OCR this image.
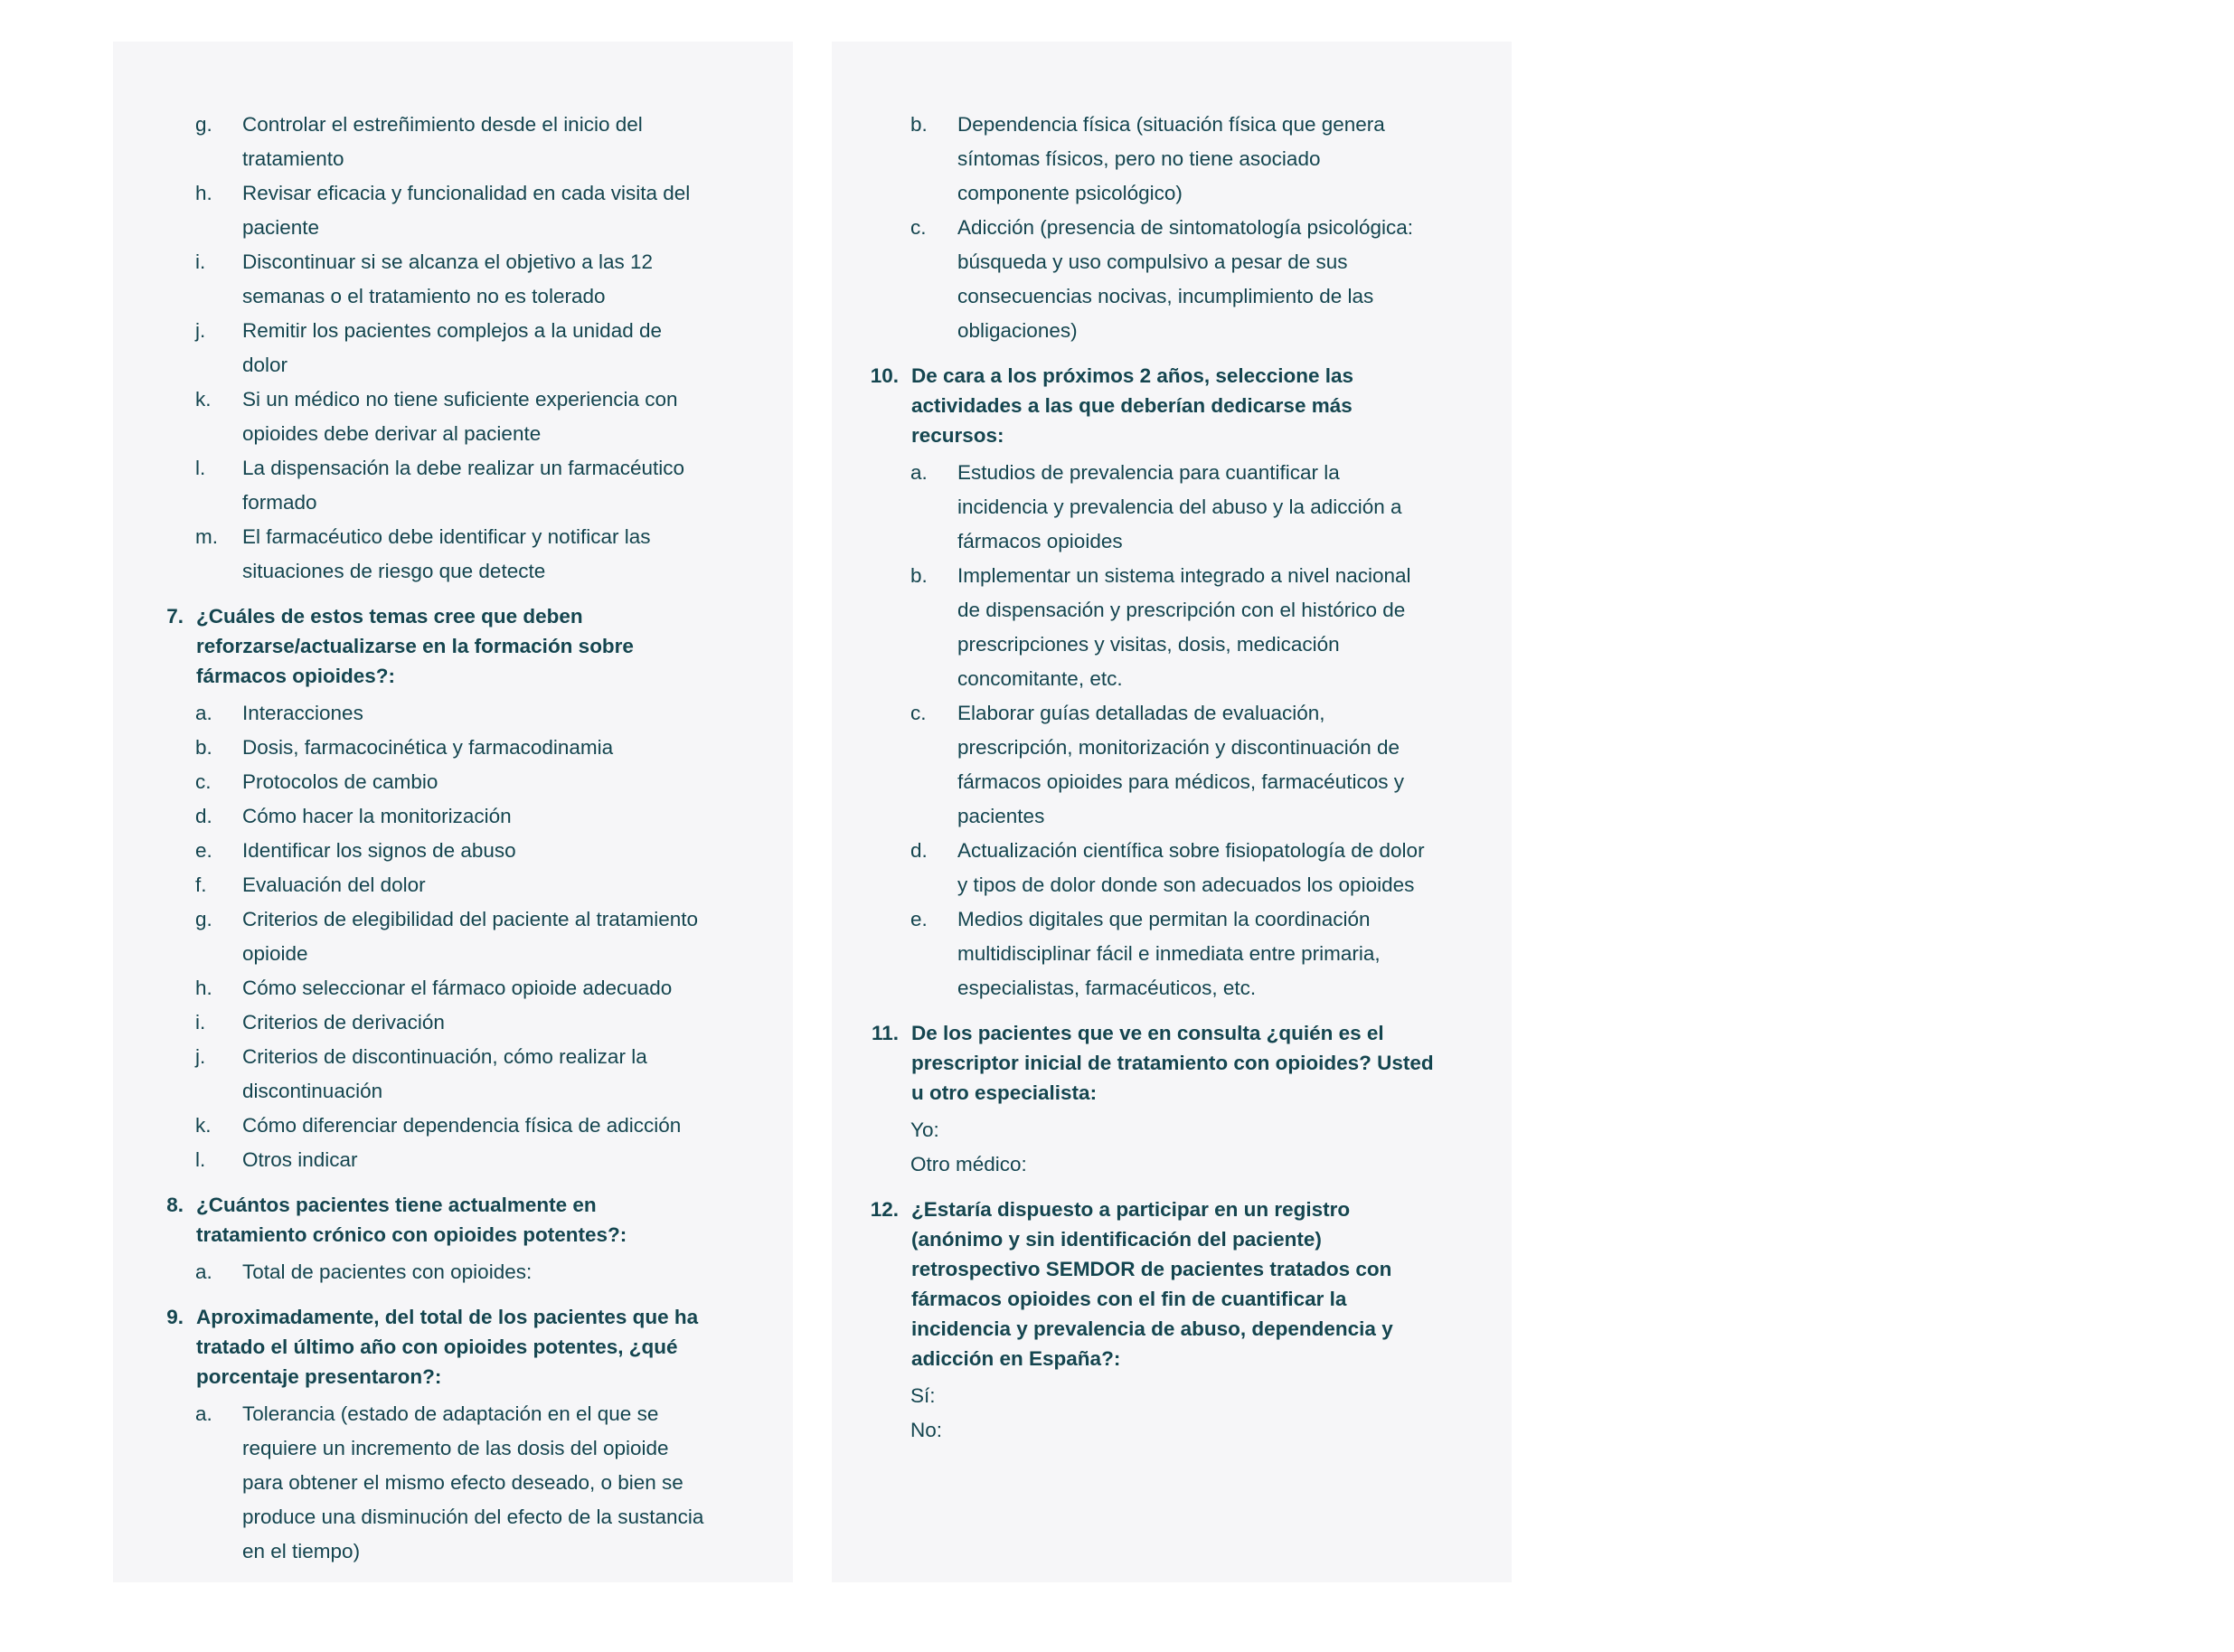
g.	Controlar el estreñimiento desde el inicio del tratamiento
h.	Revisar eficacia y funcionalidad en cada visita del paciente
i.	Discontinuar si se alcanza el objetivo a las 12 semanas o el tratamiento no es tolerado
j.	Remitir los pacientes complejos a la unidad de dolor
k.	Si un médico no tiene suficiente experiencia con opioides debe derivar al paciente
l.	La dispensación la debe realizar un farmacéutico formado
m.	El farmacéutico debe identificar y notificar las situaciones de riesgo que detecte
7. ¿Cuáles de estos temas cree que deben reforzarse/actualizarse en la formación sobre fármacos opioides?:
a.	Interacciones
b.	Dosis, farmacocinética y farmacodinamia
c.	Protocolos de cambio
d.	Cómo hacer la monitorización
e.	Identificar los signos de abuso
f.	Evaluación del dolor
g.	Criterios de elegibilidad del paciente al tratamiento opioide
h.	Cómo seleccionar el fármaco opioide adecuado
i.	Criterios de derivación
j.	Criterios de discontinuación, cómo realizar la discontinuación
k.	Cómo diferenciar dependencia física de adicción
l.	Otros indicar
8. ¿Cuántos pacientes tiene actualmente en tratamiento crónico con opioides potentes?:
a.	Total de pacientes con opioides:
9. Aproximadamente, del total de los pacientes que ha tratado el último año con opioides potentes, ¿qué porcentaje presentaron?:
a.	Tolerancia (estado de adaptación en el que se requiere un incremento de las dosis del opioide para obtener el mismo efecto deseado, o bien se produce una disminución del efecto de la sustancia en el tiempo)
b.	Dependencia física (situación física que genera síntomas físicos, pero no tiene asociado componente psicológico)
c.	Adicción (presencia de sintomatología psicológica: búsqueda y uso compulsivo a pesar de sus consecuencias nocivas, incumplimiento de las obligaciones)
10. De cara a los próximos 2 años, seleccione las actividades a las que deberían dedicarse más recursos:
a.	Estudios de prevalencia para cuantificar la incidencia y prevalencia del abuso y la adicción a fármacos opioides
b.	Implementar un sistema integrado a nivel nacional de dispensación y prescripción con el histórico de prescripciones y visitas, dosis, medicación concomitante, etc.
c.	Elaborar guías detalladas de evaluación, prescripción, monitorización y discontinuación de fármacos opioides para médicos, farmacéuticos y pacientes
d.	Actualización científica sobre fisiopatología de dolor y tipos de dolor donde son adecuados los opioides
e.	Medios digitales que permitan la coordinación multidisciplinar fácil e inmediata entre primaria, especialistas, farmacéuticos, etc.
11. De los pacientes que ve en consulta ¿quién es el prescriptor inicial de tratamiento con opioides? Usted u otro especialista:
Yo:
Otro médico:
12. ¿Estaría dispuesto a participar en un registro (anónimo y sin identificación del paciente) retrospectivo SEMDOR de pacientes tratados con fármacos opioides con el fin de cuantificar la incidencia y prevalencia de abuso, dependencia y adicción en España?:
Sí:
No:
